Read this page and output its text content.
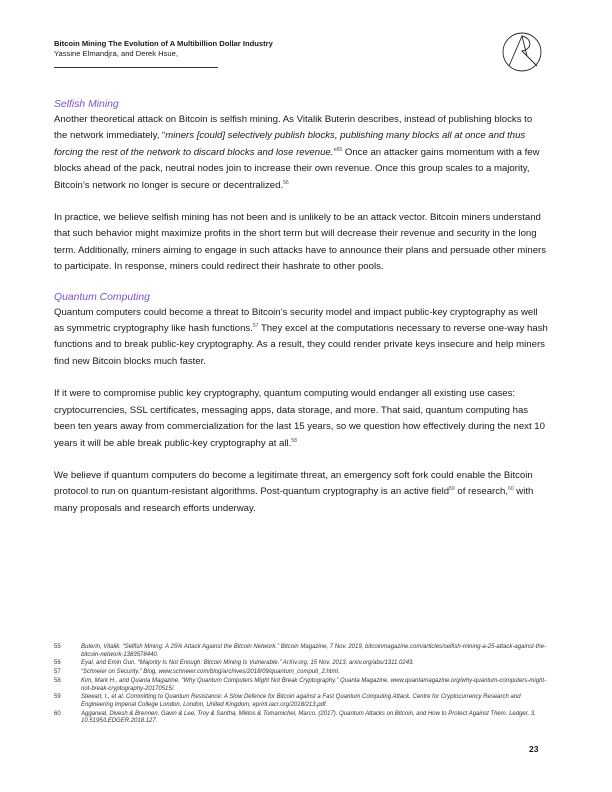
Bitcoin Mining The Evolution of A Multibillion Dollar Industry
Yassine Elmandjra, and Derek Hsue,
Selfish Mining

Another theoretical attack on Bitcoin is selfish mining. As Vitalik Buterin describes, instead of publishing blocks to the network immediately, “miners [could] selectively publish blocks, publishing many blocks all at once and thus forcing the rest of the network to discard blocks and lose revenue.”$^{55}$ Once an attacker gains momentum with a few blocks ahead of the pack, neutral nodes join to increase their own revenue. Once this group scales to a majority, Bitcoin’s network no longer is secure or decentralized.$^{56}$

In practice, we believe selfish mining has not been and is unlikely to be an attack vector. Bitcoin miners understand that such behavior might maximize profits in the short term but will decrease their revenue and security in the long term. Additionally, miners aiming to engage in such attacks have to announce their plans and persuade other miners to participate. In response, miners could redirect their hashrate to other pools.

Quantum Computing

Quantum computers could become a threat to Bitcoin’s security model and impact public-key cryptography as well as symmetric cryptography like hash functions.$^{57}$ They excel at the computations necessary to reverse one-way hash functions and to break public-key cryptography. As a result, they could render private keys insecure and help miners find new Bitcoin blocks much faster.

If it were to compromise public key cryptography, quantum computing would endanger all existing use cases: cryptocurrencies, SSL certificates, messaging apps, data storage, and more. That said, quantum computing has been ten years away from commercialization for the last 15 years, so we question how effectively during the next 10 years it will be able break public-key cryptography at all.$^{58}$

We believe if quantum computers do become a legitimate threat, an emergency soft fork could enable the Bitcoin protocol to run on quantum-resistant algorithms. Post-quantum cryptography is an active field$^{59}$ of research,$^{60}$ with many proposals and research efforts underway.

55	Buterin, Vitalik. “Selfish Mining: A 25% Attack Against the Bitcoin Network.” Bitcoin Magazine, 7 Nov. 2019, bitcoinmagazine.com/articles/selfish-mining-a-25-attack-against-the-bitcoin-network-1383578440.
56	Eyal, and Emin Gun. “Majority Is Not Enough: Bitcoin Mining Is Vulnerable.” ArXiv.org, 15 Nov. 2013, arxiv.org/abs/1311.0243.
57	“Schneier on Security.” Blog, www.schneier.com/blog/archives/2018/09/quantum_computi_2.html.
58	Kim, Mark H., and Quanta Magazine. “Why Quantum Computers Might Not Break Cryptography.” Quanta Magazine, www.quantamagazine.org/why-quantum-computers-might-not-break-cryptography-20170515/.
59	Stewart, I., et al. Committing to Quantum Resistance: A Slow Defence for Bitcoin against a Fast Quantum Computing Attack. Centre for Cryptocurrency Research and Engineering Imperial College London, London, United Kingdom, eprint.iacr.org/2018/213.pdf.
60	Aggarwal, Divesh & Brennen, Gavin & Lee, Troy & Santha, Miklos & Tomamichel, Marco. (2017). Quantum Attacks on Bitcoin, and How to Protect Against Them. Ledger. 3. 10.5195/LEDGER.2018.127.
23
